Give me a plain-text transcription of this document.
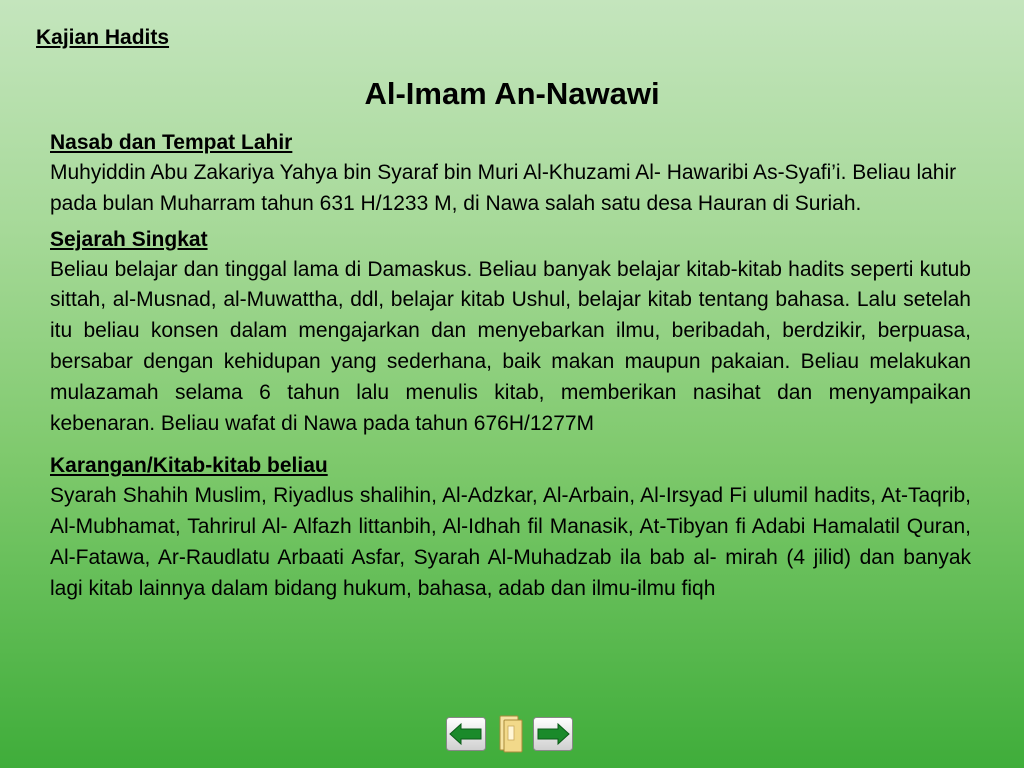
Kajian Hadits
Al-Imam An-Nawawi

Nasab dan Tempat Lahir

Muhyiddin Abu Zakariya Yahya bin Syaraf bin Muri Al-Khuzami Al- Hawaribi As-Syafi’i. Beliau lahir pada bulan Muharram tahun 631 H/1233 M, di Nawa salah satu desa Hauran di Suriah.

Sejarah Singkat

Beliau belajar dan tinggal lama di Damaskus. Beliau banyak belajar kitab-kitab hadits seperti kutub sittah, al-Musnad, al-Muwattha, ddl, belajar kitab Ushul, belajar kitab tentang bahasa. Lalu setelah itu beliau konsen dalam mengajarkan dan menyebarkan ilmu, beribadah, berdzikir, berpuasa, bersabar dengan kehidupan yang sederhana, baik makan maupun pakaian. Beliau melakukan mulazamah selama 6 tahun lalu menulis kitab, memberikan nasihat dan menyampaikan kebenaran. Beliau wafat di Nawa pada tahun 676H/1277M

Karangan/Kitab-kitab beliau

Syarah Shahih Muslim, Riyadlus shalihin, Al-Adzkar, Al-Arbain, Al-Irsyad Fi ulumil hadits, At-Taqrib, Al-Mubhamat, Tahrirul Al- Alfazh littanbih, Al-Idhah fil Manasik, At-Tibyan fi Adabi Hamalatil Quran, Al-Fatawa, Ar-Raudlatu Arbaati Asfar, Syarah Al-Muhadzab ila bab al- mirah (4 jilid) dan banyak lagi kitab lainnya dalam bidang hukum, bahasa, adab dan ilmu-ilmu fiqh
